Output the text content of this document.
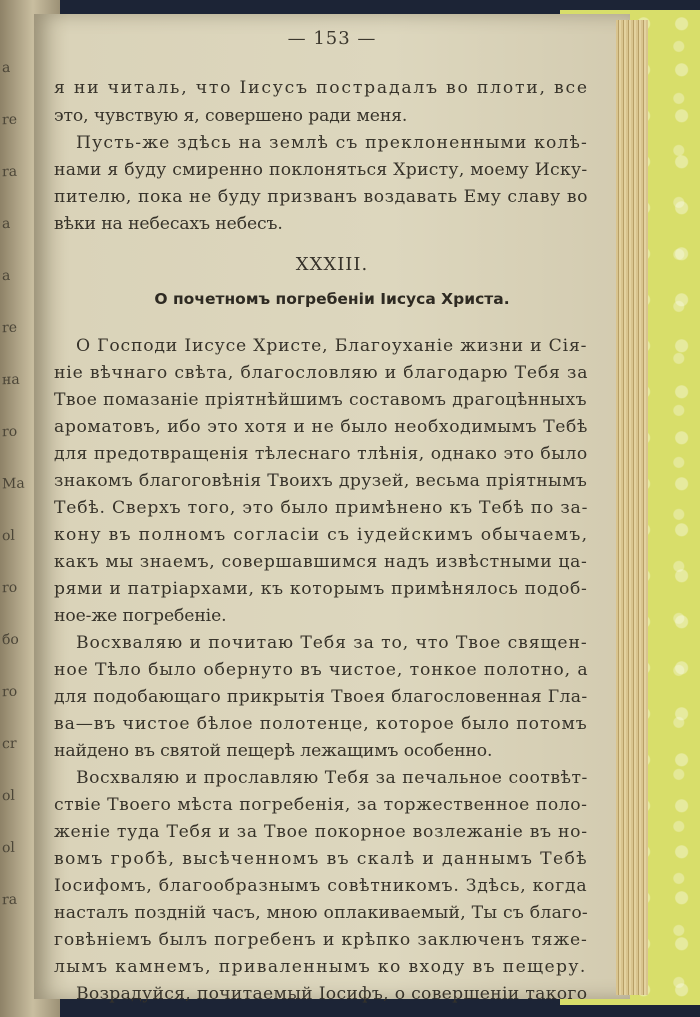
a
re
ra
a
a
re
на
ro
Ma
ol
ro
бо
ro
cr
ol
ol
ra
— 153 —
я ни читаль, что Іисусъ пострадалъ во плоти, все
это, чувствую я, совершено ради меня.
Пусть-же здѣсь на землѣ съ преклоненными колѣ-
нами я буду смиренно поклоняться Христу, моему Иску-
пителю, пока не буду призванъ воздавать Ему славу во
вѣки на небесахъ небесъ.
XXXIII.
О почетномъ погребеніи Іисуса Христа.
О Господи Іисусе Христе, Благоуханіе жизни и Сія-
ніе вѣчнаго свѣта, благословляю и благодарю Тебя за
Твое помазаніе пріятнѣйшимъ составомъ драгоцѣнныхъ
ароматовъ, ибо это хотя и не было необходимымъ Тебѣ
для предотвращенія тѣлеснаго тлѣнія, однако это было
знакомъ благоговѣнія Твоихъ друзей, весьма пріятнымъ
Тебѣ. Сверхъ того, это было примѣнено къ Тебѣ по за-
кону въ полномъ согласіи съ іудейскимъ обычаемъ,
какъ мы знаемъ, совершавшимся надъ извѣстными ца-
рями и патріархами, къ которымъ примѣнялось подоб-
ное-же погребеніе.
Восхваляю и почитаю Тебя за то, что Твое священ-
ное Тѣло было обернуто въ чистое, тонкое полотно, а
для подобающаго прикрытія Твоея благословенная Гла-
ва—въ чистое бѣлое полотенце, которое было потомъ
найдено въ святой пещерѣ лежащимъ особенно.
Восхваляю и прославляю Тебя за печальное соотвѣт-
ствіе Твоего мѣста погребенія, за торжественное поло-
женіе туда Тебя и за Твое покорное возлежаніе въ но-
вомъ гробѣ, высѣченномъ въ скалѣ и даннымъ Тебѣ
Іосифомъ, благообразнымъ совѣтникомъ. Здѣсь, когда
насталъ поздній часъ, мною оплакиваемый, Ты съ благо-
говѣніемъ былъ погребенъ и крѣпко заключенъ тяже-
лымъ камнемъ, приваленнымъ ко входу въ пещеру.
Возрадуйся, почитаемый Іосифъ, о совершеніи такого
